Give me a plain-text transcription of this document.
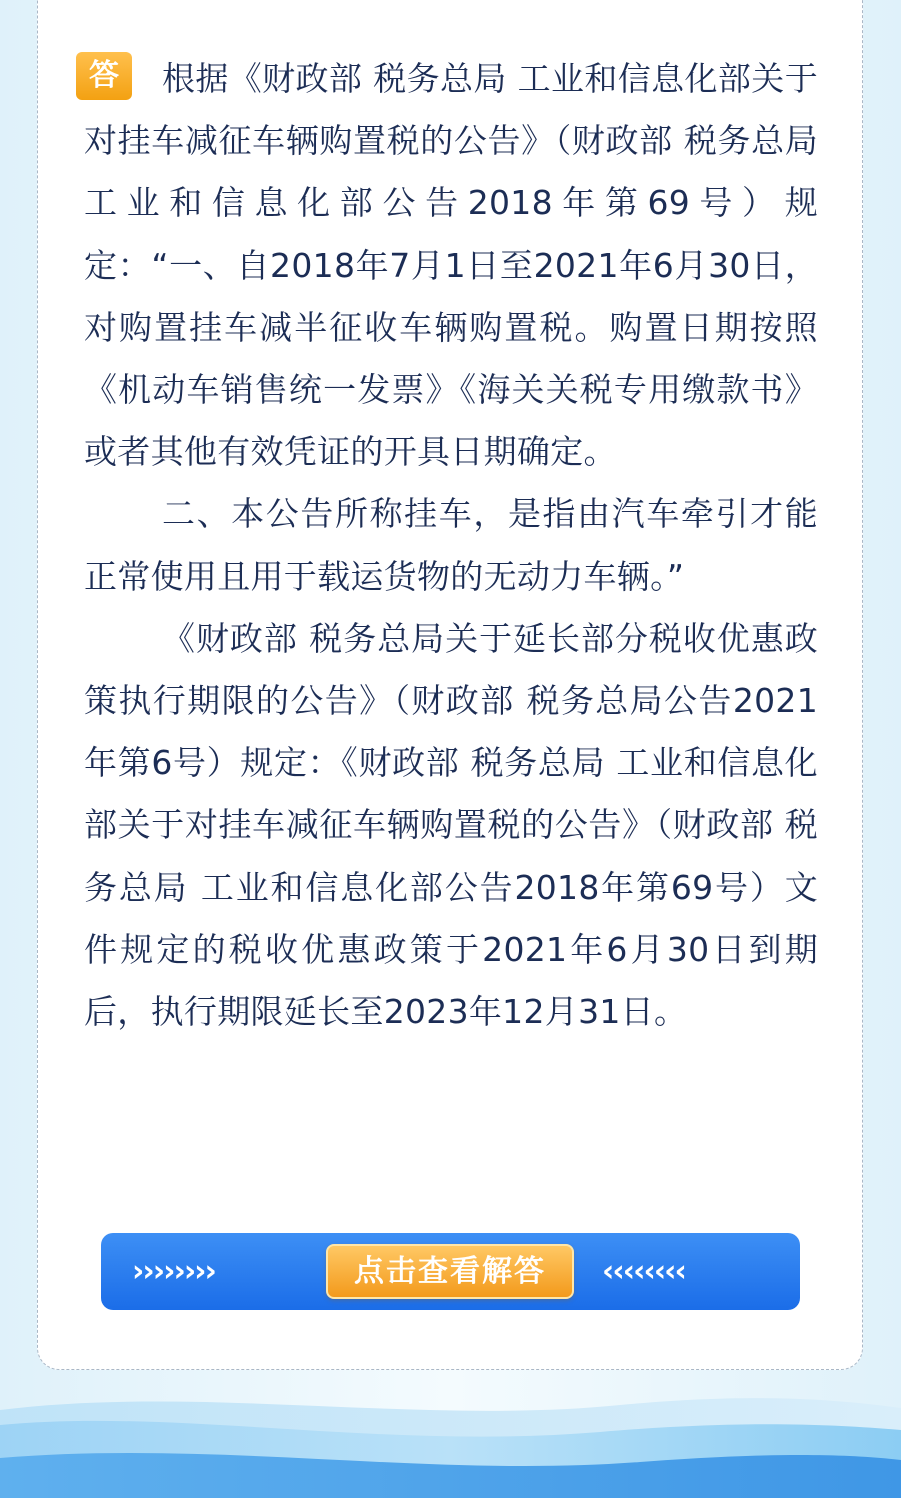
答	根据《财政部 税务总局 工业和信息化部关于对挂车减征车辆购置税的公告》（财政部 税务总局 工业和信息化部公告2018年第69号）规定：“一、自2018年7月1日至2021年6月30日，对购置挂车减半征收车辆购置税。购置日期按照《机动车销售统一发票》《海关关税专用缴款书》或者其他有效凭证的开具日期确定。

二、本公告所称挂车，是指由汽车牵引才能正常使用且用于载运货物的无动力车辆。”

《财政部 税务总局关于延长部分税收优惠政策执行期限的公告》（财政部 税务总局公告2021年第6号）规定：《财政部 税务总局 工业和信息化部关于对挂车减征车辆购置税的公告》（财政部 税务总局 工业和信息化部公告2018年第69号）文件规定的税收优惠政策于2021年6月30日到期后，执行期限延长至2023年12月31日。

››››››››	‹‹‹‹‹‹‹‹
点击查看解答
